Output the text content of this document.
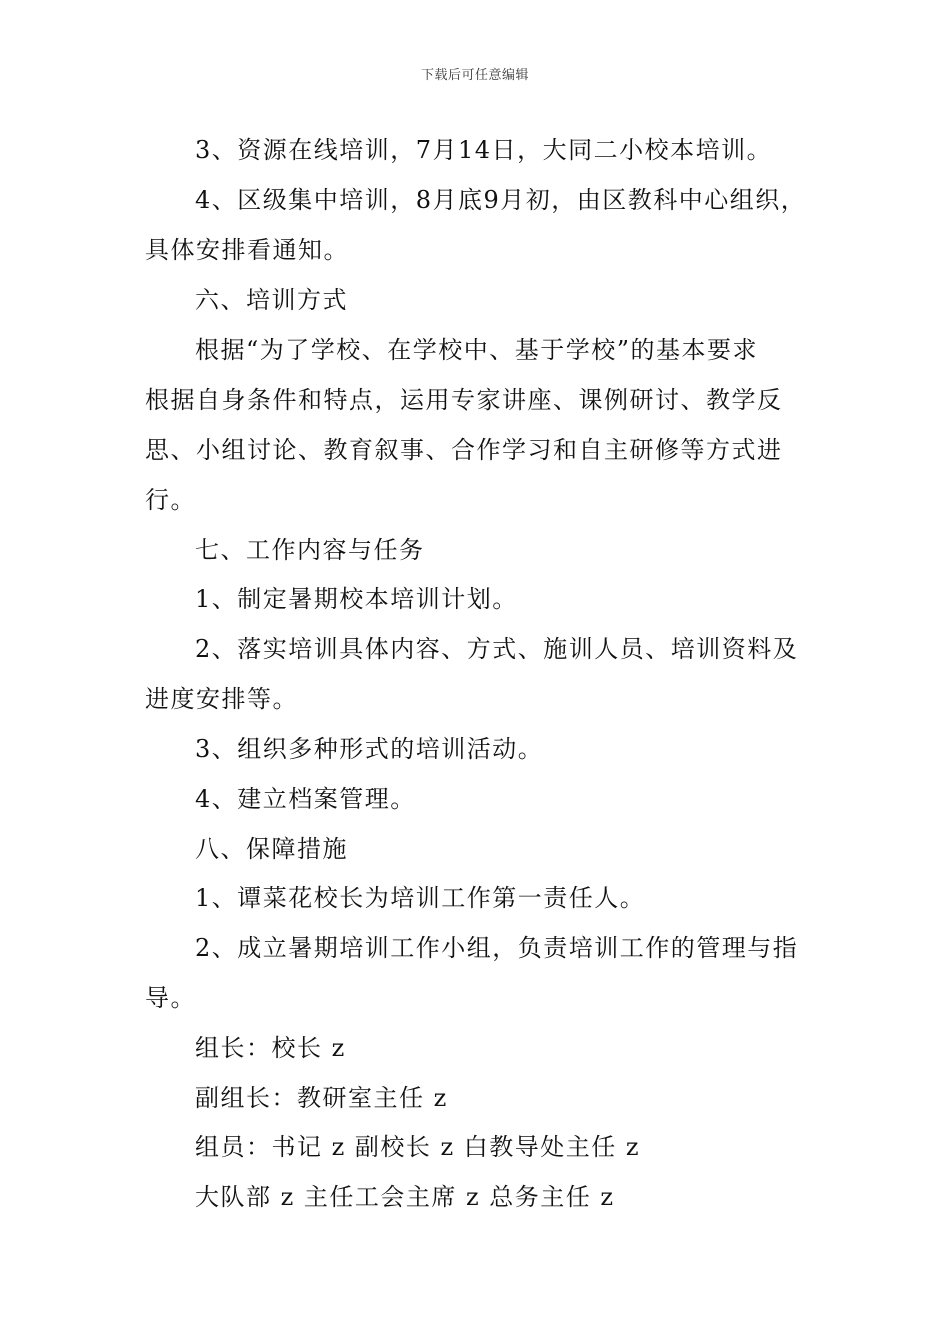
下载后可任意编辑
3、资源在线培训，7月14日，大同二小校本培训。
4、区级集中培训，8月底9月初，由区教科中心组织，
具体安排看通知。
六、培训方式
根据“为了学校、在学校中、基于学校”的基本要求
根据自身条件和特点，运用专家讲座、课例研讨、教学反
思、小组讨论、教育叙事、合作学习和自主研修等方式进
行。
七、工作内容与任务
1、制定暑期校本培训计划。
2、落实培训具体内容、方式、施训人员、培训资料及
进度安排等。
3、组织多种形式的培训活动。
4、建立档案管理。
八、保障措施
1、谭菜花校长为培训工作第一责任人。
2、成立暑期培训工作小组，负责培训工作的管理与指
导。
组长：校长 z
副组长：教研室主任 z
组员：书记 z 副校长 z 白教导处主任 z
大队部 z 主任工会主席 z 总务主任 z
